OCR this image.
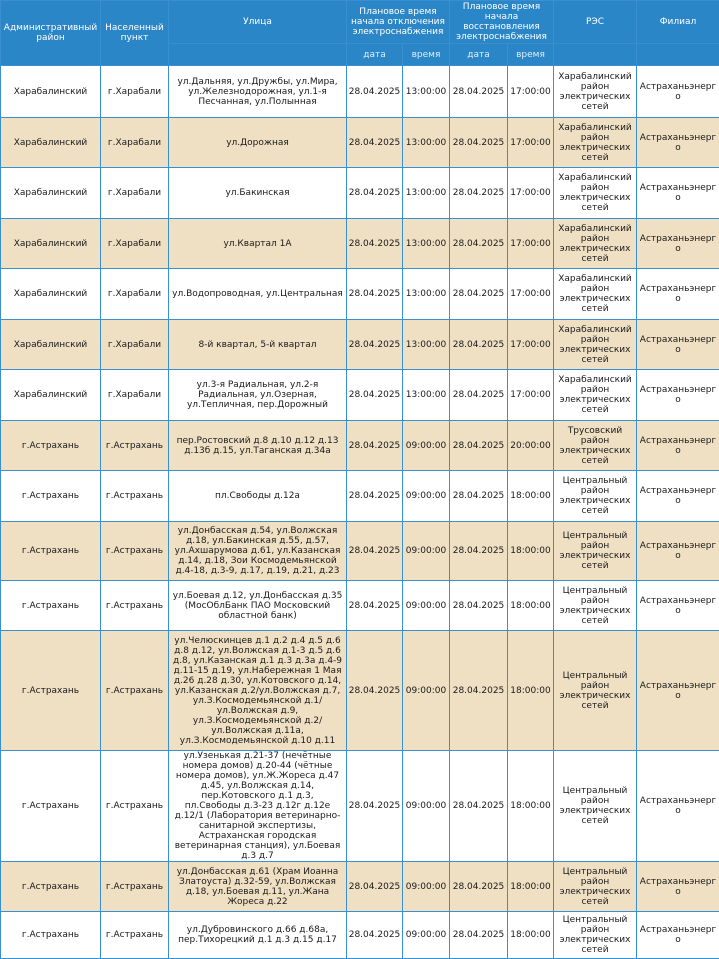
Административный район	Населенный пункт	Улица	Плановое время начала отключения электроснабжения		Плановое время начала восстановления электроснабжения		РЭС	Филиал
			дата	время	дата	время		
Харабалинский	г.Харабали	ул.Дальняя, ул.Дружбы, ул.Мира, ул.Железнодорожная, ул.1-я Песчанная, ул.Полынная	28.04.2025	13:00:00	28.04.2025	17:00:00	Харабалинский район электрических сетей	Астраханьэнерго
Харабалинский	г.Харабали	ул.Дорожная	28.04.2025	13:00:00	28.04.2025	17:00:00	Харабалинский район электрических сетей	Астраханьэнерго
Харабалинский	г.Харабали	ул.Бакинская	28.04.2025	13:00:00	28.04.2025	17:00:00	Харабалинский район электрических сетей	Астраханьэнерго
Харабалинский	г.Харабали	ул.Квартал 1А	28.04.2025	13:00:00	28.04.2025	17:00:00	Харабалинский район электрических сетей	Астраханьэнерго
Харабалинский	г.Харабали	ул.Водопроводная, ул.Центральная	28.04.2025	13:00:00	28.04.2025	17:00:00	Харабалинский район электрических сетей	Астраханьэнерго
Харабалинский	г.Харабали	8-й квартал, 5-й квартал	28.04.2025	13:00:00	28.04.2025	17:00:00	Харабалинский район электрических сетей	Астраханьэнерго
Харабалинский	г.Харабали	ул.3-я Радиальная, ул.2-я Радиальная, ул.Озерная, ул.Тепличная, пер.Дорожный	28.04.2025	13:00:00	28.04.2025	17:00:00	Харабалинский район электрических сетей	Астраханьэнерго
г.Астрахань	г.Астрахань	пер.Ростовский д.8 д.10 д.12 д.13 д.13б д.15, ул.Таганская д.34а	28.04.2025	09:00:00	28.04.2025	20:00:00	Трусовский район электрических сетей	Астраханьэнерго
г.Астрахань	г.Астрахань	пл.Свободы д.12а	28.04.2025	09:00:00	28.04.2025	18:00:00	Центральный район электрических сетей	Астраханьэнерго
г.Астрахань	г.Астрахань	ул.Донбасская д.54, ул.Волжская д.18, ул.Бакинская д.55, д.57, ул.Ахшарумова д.61, ул.Казанская д.14, д.18, Зои Космодемьянской д.4-18, д.3-9, д.17, д.19, д.21, д.23	28.04.2025	09:00:00	28.04.2025	18:00:00	Центральный район электрических сетей	Астраханьэнерго
г.Астрахань	г.Астрахань	ул.Боевая д.12, ул.Донбасская д.35 (МосОблБанк ПАО Московский областной банк)	28.04.2025	09:00:00	28.04.2025	18:00:00	Центральный район электрических сетей	Астраханьэнерго
г.Астрахань	г.Астрахань	ул.Челюскинцев д.1 д.2 д.4 д.5 д.6 д.8 д.12, ул.Волжская д.1-3 д.5 д.6 д.8, ул.Казанская д.1 д.3 д.3а д.4-9 д.11-15 д.19, ул.Набережная 1 Мая д.26 д.28 д.30, ул.Котовского д.14, ул.Казанская д.2/ул.Волжская д.7, ул.З.Космодемьянской д.1/ ул.Волжская д.9, ул.З.Космодемьянской д.2/ ул.Волжская д.11а, ул.З.Космодемьянской д.10 д.11	28.04.2025	09:00:00	28.04.2025	18:00:00	Центральный район электрических сетей	Астраханьэнерго
г.Астрахань	г.Астрахань	ул.Узенькая д.21-37 (нечётные номера домов) д.20-44 (чётные номера домов), ул.Ж.Жореса д.47 д.45, ул.Волжская д.14, пер.Котовского д.1 д.3, пл.Свободы д.3-23 д.12г д.12е д.12/1 (Лаборатория ветеринарно-санитарной экспертизы, Астраханская городская ветеринарная станция), ул.Боевая д.3 д.7	28.04.2025	09:00:00	28.04.2025	18:00:00	Центральный район электрических сетей	Астраханьэнерго
г.Астрахань	г.Астрахань	ул.Донбасская д.61 (Храм Иоанна Златоуста) д.32-59, ул.Волжская д.18, ул.Боевая д.11, ул.Жана Жореса д.22	28.04.2025	09:00:00	28.04.2025	18:00:00	Центральный район электрических сетей	Астраханьэнерго
г.Астрахань	г.Астрахань	ул.Дубровинского д.66 д.68а, пер.Тихорецкий д.1 д.3 д.15 д.17	28.04.2025	09:00:00	28.04.2025	18:00:00	Центральный район электрических сетей	Астраханьэнерго
